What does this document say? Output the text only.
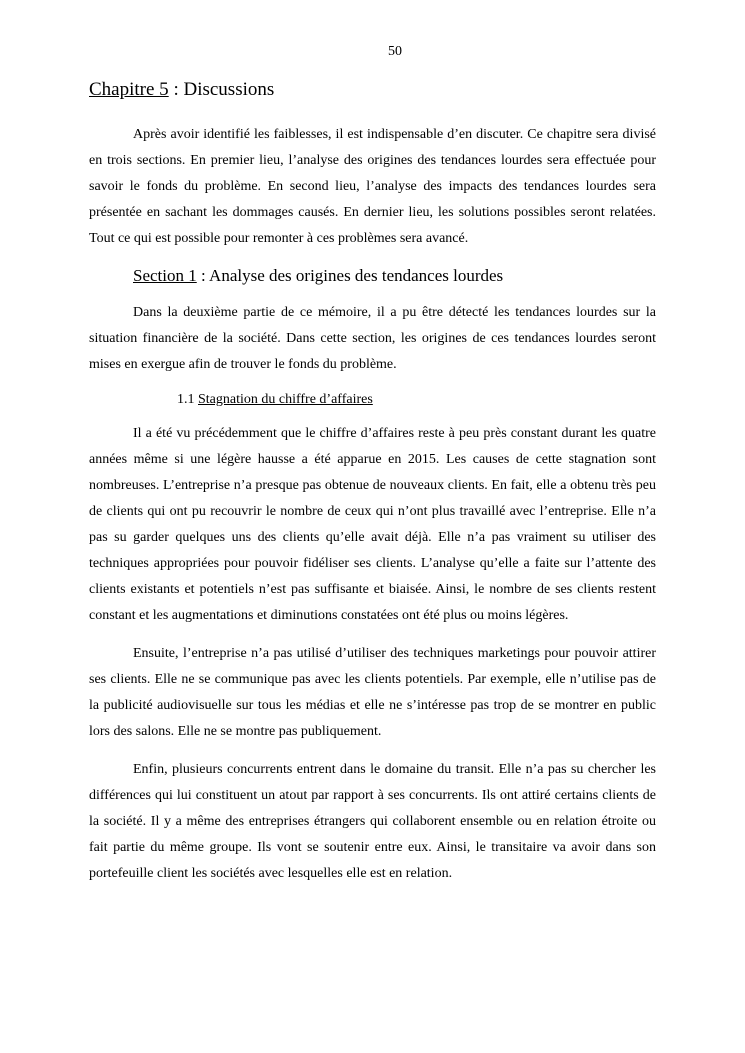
50
Chapitre 5 : Discussions

Après avoir identifié les faiblesses, il est indispensable d’en discuter. Ce chapitre sera divisé en trois sections. En premier lieu, l’analyse des origines des tendances lourdes sera effectuée pour savoir le fonds du problème. En second lieu, l’analyse des impacts des tendances lourdes sera présentée en sachant les dommages causés. En dernier lieu, les solutions possibles seront relatées. Tout ce qui est possible pour remonter à ces problèmes sera avancé.

Section 1 : Analyse des origines des tendances lourdes

Dans la deuxième partie de ce mémoire, il a pu être détecté les tendances lourdes sur la situation financière de la société. Dans cette section, les origines de ces tendances lourdes seront mises en exergue afin de trouver le fonds du problème.

1.1 Stagnation du chiffre d’affaires

Il a été vu précédemment que le chiffre d’affaires reste à peu près constant durant les quatre années même si une légère hausse a été apparue en 2015. Les causes de cette stagnation sont nombreuses. L’entreprise n’a presque pas obtenue de nouveaux clients. En fait, elle a obtenu très peu de clients qui ont pu recouvrir le nombre de ceux qui n’ont plus travaillé avec l’entreprise. Elle n’a pas su garder quelques uns des clients qu’elle avait déjà. Elle n’a pas vraiment su utiliser des techniques appropriées pour pouvoir fidéliser ses clients. L’analyse qu’elle a faite sur l’attente des clients existants et potentiels n’est pas suffisante et biaisée. Ainsi, le nombre de ses clients restent constant et les augmentations et diminutions constatées ont été plus ou moins légères.

Ensuite, l’entreprise n’a pas utilisé d’utiliser des techniques marketings pour pouvoir attirer ses clients. Elle ne se communique pas avec les clients potentiels. Par exemple, elle n’utilise pas de la publicité audiovisuelle sur tous les médias et elle ne s’intéresse pas trop de se montrer en public lors des salons. Elle ne se montre pas publiquement.

Enfin, plusieurs concurrents entrent dans le domaine du transit. Elle n’a pas su chercher les différences qui lui constituent un atout par rapport à ses concurrents. Ils ont attiré certains clients de la société. Il y a même des entreprises étrangers qui collaborent ensemble ou en relation étroite ou fait partie du même groupe. Ils vont se soutenir entre eux. Ainsi, le transitaire va avoir dans son portefeuille client les sociétés avec lesquelles elle est en relation.
